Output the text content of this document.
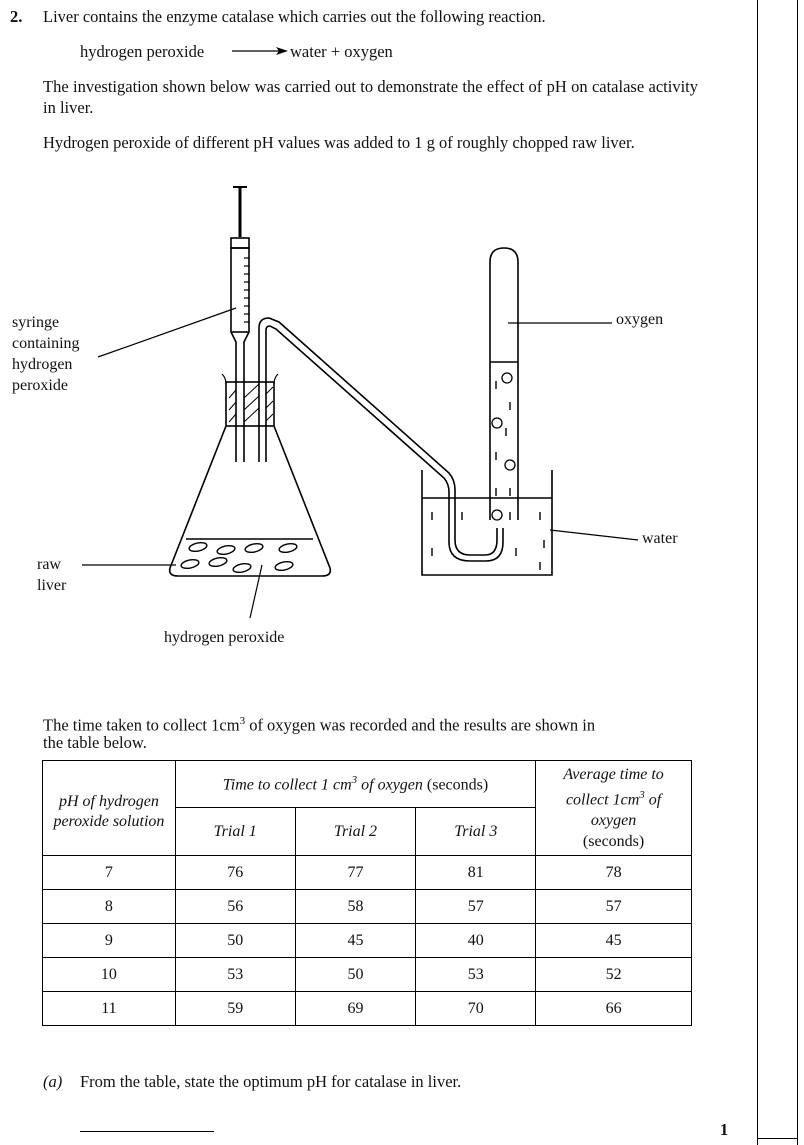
2. Liver contains the enzyme catalase which carries out the following reaction.
hydrogen peroxide → water + oxygen
The investigation shown below was carried out to demonstrate the effect of pH on catalase activity in liver.
Hydrogen peroxide of different pH values was added to 1 g of roughly chopped raw liver.
syringe
containing
hydrogen
peroxide
oxygen
water
raw
liver
hydrogen peroxide
The time taken to collect $1cm^3$ of oxygen was recorded and the results are shown in
the table below.
pH of hydrogen
peroxide solution	Time to collect 1 $cm^3$ of oxygen (seconds)			Average time to
collect $1cm^3$ of
oxygen
(seconds)
	Trial 1	Trial 2	Trial 3	
7	76	77	81	78
8	56	58	57	57
9	50	45	40	45
10	53	50	53	52
11	59	69	70	66
(a) From the table, state the optimum pH for catalase in liver.
1
